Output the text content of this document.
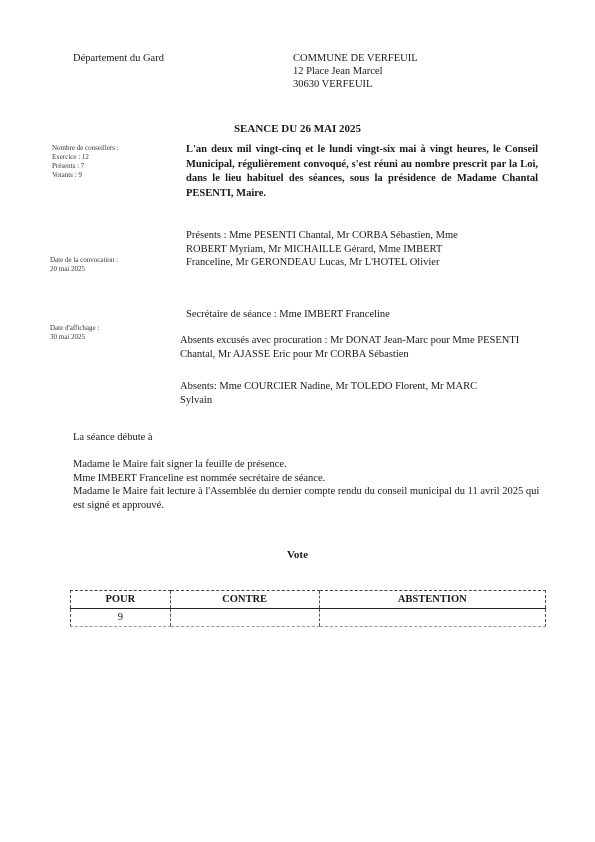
Département du Gard	COMMUNE DE VERFEUIL
12 Place Jean Marcel
30630 VERFEUIL
SEANCE DU 26 MAI 2025
Nombre de conseillers :
Exercice : 12
Présents : 7
Votants : 9
Date de la convocation :
20 mai 2025
Date d'affichage :
30 mai 2025
L'an deux mil vingt-cinq et le lundi vingt-six mai à vingt heures, le Conseil Municipal, régulièrement convoqué, s'est réuni au nombre prescrit par la Loi, dans le lieu habituel des séances, sous la présidence de Madame Chantal PESENTI, Maire.
Présents : Mme PESENTI Chantal, Mr CORBA Sébastien, Mme ROBERT Myriam, Mr MICHAILLE Gérard, Mme IMBERT Franceline, Mr GERONDEAU Lucas, Mr L'HOTEL Olivier
Secrétaire de séance : Mme IMBERT Franceline
Absents excusés avec procuration : Mr DONAT Jean-Marc pour Mme PESENTI Chantal, Mr AJASSE Eric pour Mr CORBA Sébastien
Absents: Mme COURCIER Nadine, Mr TOLEDO Florent, Mr MARC Sylvain
La séance débute à
Madame le Maire fait signer la feuille de présence.
Mme IMBERT Franceline est nommée secrétaire de séance.
Madame le Maire fait lecture à l'Assemblée du dernier compte rendu du conseil municipal du 11 avril 2025 qui est signé et approuvé.
Vote
POUR	CONTRE	ABSTENTION
9		
